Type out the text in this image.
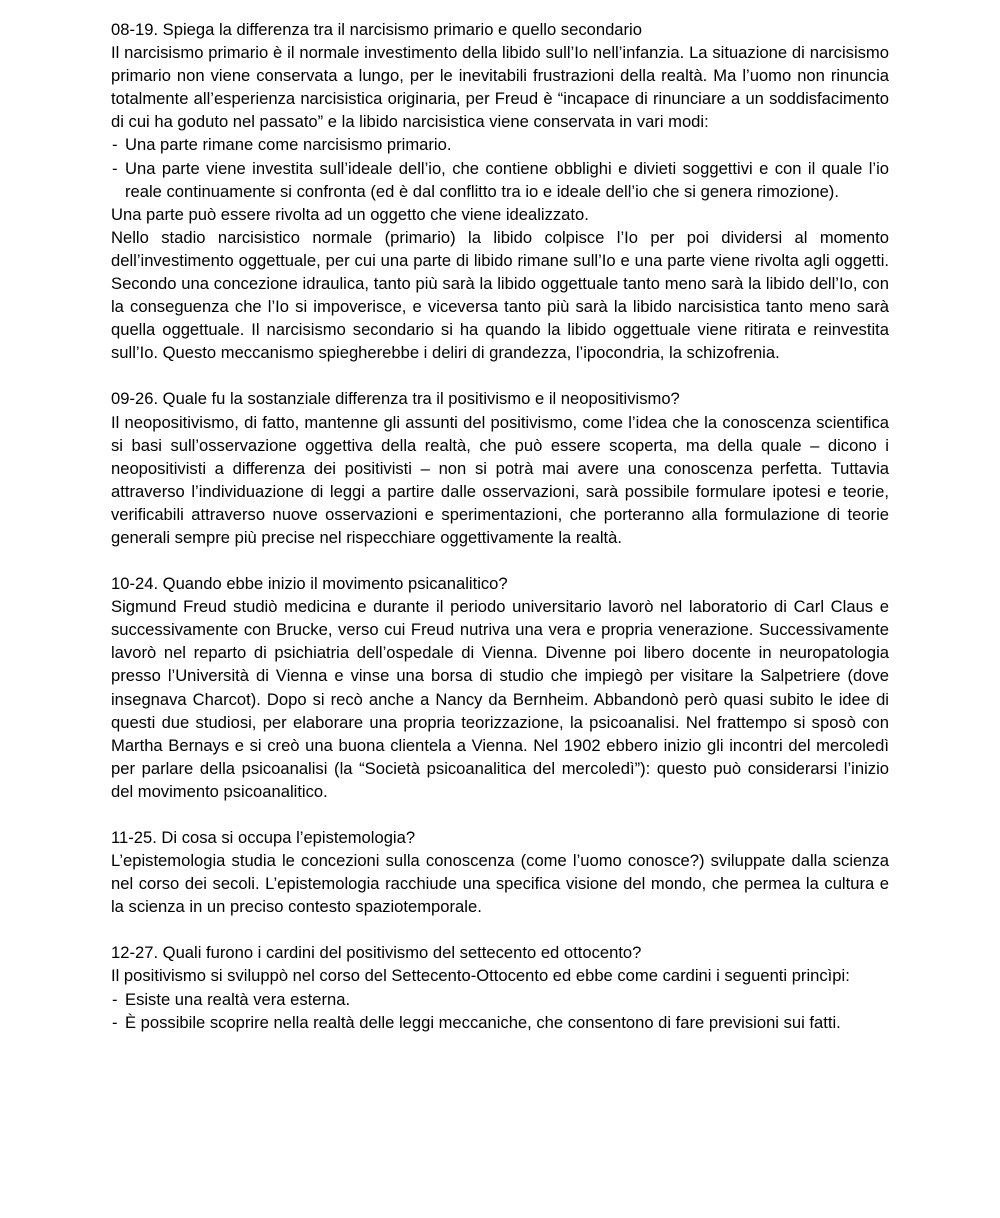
08-19. Spiega la differenza tra il narcisismo primario e quello secondario

Il narcisismo primario è il normale investimento della libido sull’Io nell’infanzia. La situazione di narcisismo primario non viene conservata a lungo, per le inevitabili frustrazioni della realtà. Ma l’uomo non rinuncia totalmente all’esperienza narcisistica originaria, per Freud è “incapace di rinunciare a un soddisfacimento di cui ha goduto nel passato” e la libido narcisistica viene conservata in vari modi:

- Una parte rimane come narcisismo primario.
- Una parte viene investita sull’ideale dell’io, che contiene obblighi e divieti soggettivi e con il quale l’io reale continuamente si confronta (ed è dal conflitto tra io e ideale dell’io che si genera rimozione).

Una parte può essere rivolta ad un oggetto che viene idealizzato.

Nello stadio narcisistico normale (primario) la libido colpisce l’Io per poi dividersi al momento dell’investimento oggettuale, per cui una parte di libido rimane sull’Io e una parte viene rivolta agli oggetti. Secondo una concezione idraulica, tanto più sarà la libido oggettuale tanto meno sarà la libido dell’Io, con la conseguenza che l’Io si impoverisce, e viceversa tanto più sarà la libido narcisistica tanto meno sarà quella oggettuale. Il narcisismo secondario si ha quando la libido oggettuale viene ritirata e reinvestita sull’Io. Questo meccanismo spiegherebbe i deliri di grandezza, l’ipocondria, la schizofrenia.

09-26. Quale fu la sostanziale differenza tra il positivismo e il neopositivismo?

Il neopositivismo, di fatto, mantenne gli assunti del positivismo, come l’idea che la conoscenza scientifica si basi sull’osservazione oggettiva della realtà, che può essere scoperta, ma della quale – dicono i neopositivisti a differenza dei positivisti – non si potrà mai avere una conoscenza perfetta. Tuttavia attraverso l’individuazione di leggi a partire dalle osservazioni, sarà possibile formulare ipotesi e teorie, verificabili attraverso nuove osservazioni e sperimentazioni, che porteranno alla formulazione di teorie generali sempre più precise nel rispecchiare oggettivamente la realtà.

10-24. Quando ebbe inizio il movimento psicanalitico?

Sigmund Freud studiò medicina e durante il periodo universitario lavorò nel laboratorio di Carl Claus e successivamente con Brucke, verso cui Freud nutriva una vera e propria venerazione. Successivamente lavorò nel reparto di psichiatria dell’ospedale di Vienna. Divenne poi libero docente in neuropatologia presso l’Università di Vienna e vinse una borsa di studio che impiegò per visitare la Salpetriere (dove insegnava Charcot). Dopo si recò anche a Nancy da Bernheim. Abbandonò però quasi subito le idee di questi due studiosi, per elaborare una propria teorizzazione, la psicoanalisi. Nel frattempo si sposò con Martha Bernays e si creò una buona clientela a Vienna. Nel 1902 ebbero inizio gli incontri del mercoledì per parlare della psicoanalisi (la “Società psicoanalitica del mercoledì”): questo può considerarsi l’inizio del movimento psicoanalitico.

11-25. Di cosa si occupa l’epistemologia?

L’epistemologia studia le concezioni sulla conoscenza (come l’uomo conosce?) sviluppate dalla scienza nel corso dei secoli. L’epistemologia racchiude una specifica visione del mondo, che permea la cultura e la scienza in un preciso contesto spaziotemporale.

12-27. Quali furono i cardini del positivismo del settecento ed ottocento?

Il positivismo si sviluppò nel corso del Settecento-Ottocento ed ebbe come cardini i seguenti princìpi:

- Esiste una realtà vera esterna.
- È possibile scoprire nella realtà delle leggi meccaniche, che consentono di fare previsioni sui fatti.
